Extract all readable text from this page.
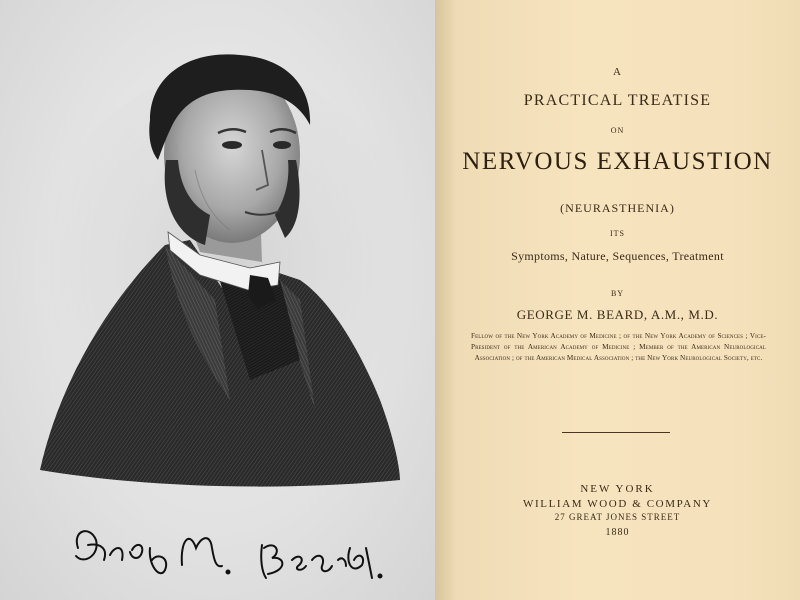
A
PRACTICAL TREATISE
ON
NERVOUS EXHAUSTION
(NEURASTHENIA)
ITS
Symptoms, Nature, Sequences, Treatment
BY
GEORGE M. BEARD, A.M., M.D.
Fellow of the New York Academy of Medicine ; of the New York Academy of Sciences ; Vice-President of the American Academy of Medicine ; Member of the American Neurological Association ; of the American Medical Association ; the New York Neurological Society, etc.
NEW YORK
WILLIAM WOOD & COMPANY
27 GREAT JONES STREET
1880
